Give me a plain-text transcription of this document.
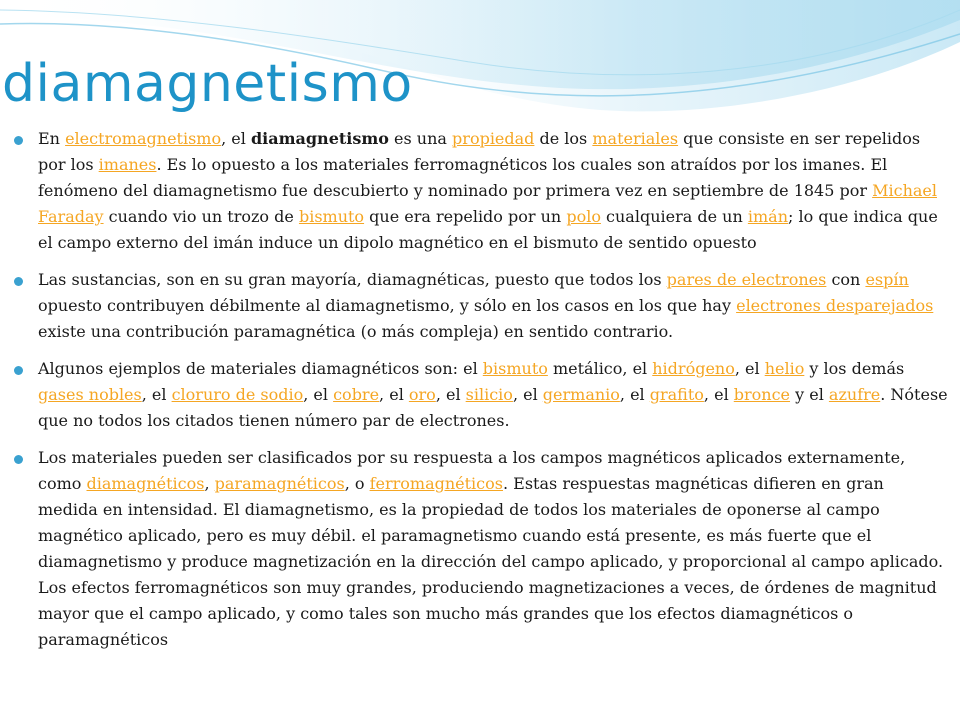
diamagnetismo
En electromagnetismo, el diamagnetismo es una propiedad de los materiales que consiste en ser repelidos por los imanes. Es lo opuesto a los materiales ferromagnéticos los cuales son atraídos por los imanes. El fenómeno del diamagnetismo fue descubierto y nominado por primera vez en septiembre de 1845 por Michael Faraday cuando vio un trozo de bismuto que era repelido por un polo cualquiera de un imán; lo que indica que el campo externo del imán induce un dipolo magnético en el bismuto de sentido opuesto
Las sustancias, son en su gran mayoría, diamagnéticas, puesto que todos los pares de electrones con espín opuesto contribuyen débilmente al diamagnetismo, y sólo en los casos en los que hay electrones desparejados existe una contribución paramagnética (o más compleja) en sentido contrario.
Algunos ejemplos de materiales diamagnéticos son: el bismuto metálico, el hidrógeno, el helio y los demás gases nobles, el cloruro de sodio, el cobre, el oro, el silicio, el germanio, el grafito, el bronce y el azufre. Nótese que no todos los citados tienen número par de electrones.
Los materiales pueden ser clasificados por su respuesta a los campos magnéticos aplicados externamente, como diamagnéticos, paramagnéticos, o ferromagnéticos. Estas respuestas magnéticas difieren en gran medida en intensidad. El diamagnetismo, es la propiedad de todos los materiales de oponerse al campo magnético aplicado, pero es muy débil. el paramagnetismo cuando está presente, es más fuerte que el diamagnetismo y produce magnetización en la dirección del campo aplicado, y proporcional al campo aplicado. Los efectos ferromagnéticos son muy grandes, produciendo magnetizaciones a veces, de órdenes de magnitud mayor que el campo aplicado, y como tales son mucho más grandes que los efectos diamagnéticos o paramagnéticos
